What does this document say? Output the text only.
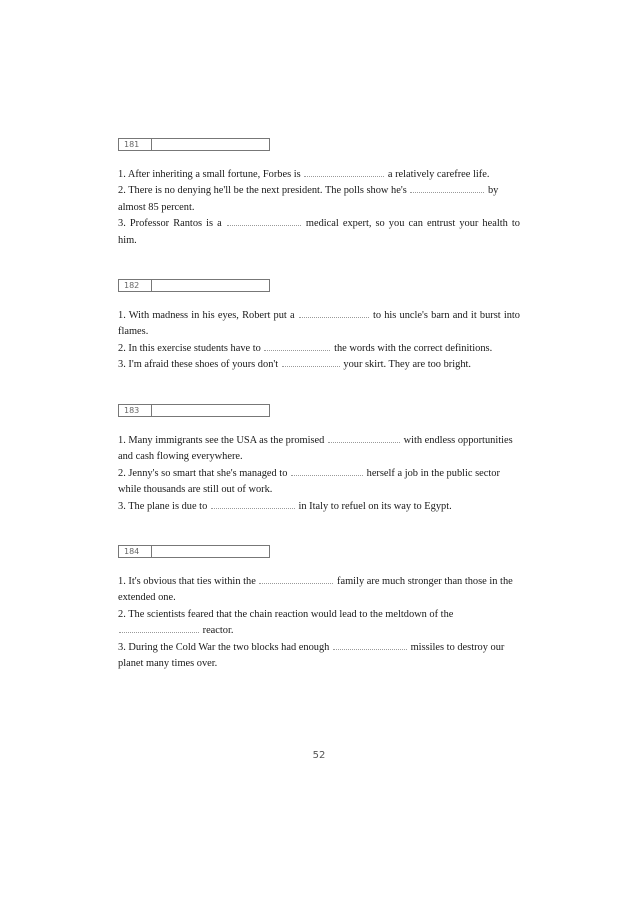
181

1. After inheriting a small fortune, Forbes is	a relatively carefree life.

2. There is no denying he'll be the next president. The polls show he's	by almost 85 percent.

3. Professor Rantos is a	medical expert, so you can entrust your health to him.

182

1. With madness in his eyes, Robert put a	to his uncle's barn and it burst into flames.

2. In this exercise students have to	the words with the correct definitions.

3. I'm afraid these shoes of yours don't	your skirt. They are too bright.

183

1. Many immigrants see the USA as the promised	with endless opportunities and cash flowing everywhere.

2. Jenny's so smart that she's managed to	herself a job in the public sector while thousands are still out of work.

3. The plane is due to	in Italy to refuel on its way to Egypt.

184

1. It's obvious that ties within the	family are much stronger than those in the extended one.

2. The scientists feared that the chain reaction would lead to the meltdown of the  reactor.

3. During the Cold War the two blocks had enough	missiles to destroy our planet many times over.

52
